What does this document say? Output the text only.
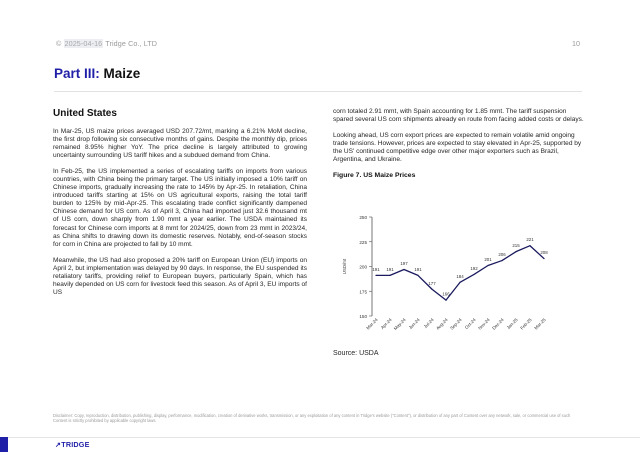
© 2025-04-16 Tridge Co., LTD	10
Part III: Maize
United States

In Mar-25, US maize prices averaged USD 207.72/mt, marking a 6.21% MoM decline, the first drop following six consecutive months of gains. Despite the monthly dip, prices remained 8.95% higher YoY. The price decline is largely attributed to growing uncertainty surrounding US tariff hikes and a subdued demand from China.

In Feb-25, the US implemented a series of escalating tariffs on imports from various countries, with China being the primary target. The US initially imposed a 10% tariff on Chinese imports, gradually increasing the rate to 145% by Apr-25. In retaliation, China introduced tariffs starting at 15% on US agricultural exports, raising the total tariff burden to 125% by mid-Apr-25. This escalating trade conflict significantly dampened Chinese demand for US corn. As of April 3, China had imported just 32.6 thousand mt of US corn, down sharply from 1.90 mmt a year earlier. The USDA maintained its forecast for Chinese corn imports at 8 mmt for 2024/25, down from 23 mmt in 2023/24, as China shifts to drawing down its domestic reserves. Notably, end-of-season stocks for corn in China are projected to fall by 10 mmt.

Meanwhile, the US had also proposed a 20% tariff on European Union (EU) imports on April 2, but implementation was delayed by 90 days. In response, the EU suspended its retaliatory tariffs, providing relief to European buyers, particularly Spain, which has heavily depended on US corn for livestock feed this season. As of April 3, EU imports of US

corn totaled 2.91 mmt, with Spain accounting for 1.85 mmt. The tariff suspension spared several US corn shipments already en route from facing added costs or delays.

Looking ahead, US corn export prices are expected to remain volatile amid ongoing trade tensions. However, prices are expected to stay elevated in Apr-25, supported by the US' continued competitive edge over other major exporters such as Brazil, Argentina, and Ukraine.

Figure 7. US Maize Prices
150
175
200
225
250
USD/mt	191 191
197
191
177
166
184
192
201
206
215
221
208
Mar-24 Apr-24 May-24 Jun-24 Jul-24 Aug-24 Sep-24 Oct-24 Nov-24 Dec-24 Jan-25 Feb-25 Mar-25
Source: USDA
Disclaimer: Copy, reproduction, distribution, publishing, display, performance, modification, creation of derivative works, transmission, or any exploitation of any content in Tridge's website ("Content"), or distribution of any part of Content over any network, sale, or commercial use of such Content is strictly prohibited by applicable copyright laws.
↗TRIDGE
